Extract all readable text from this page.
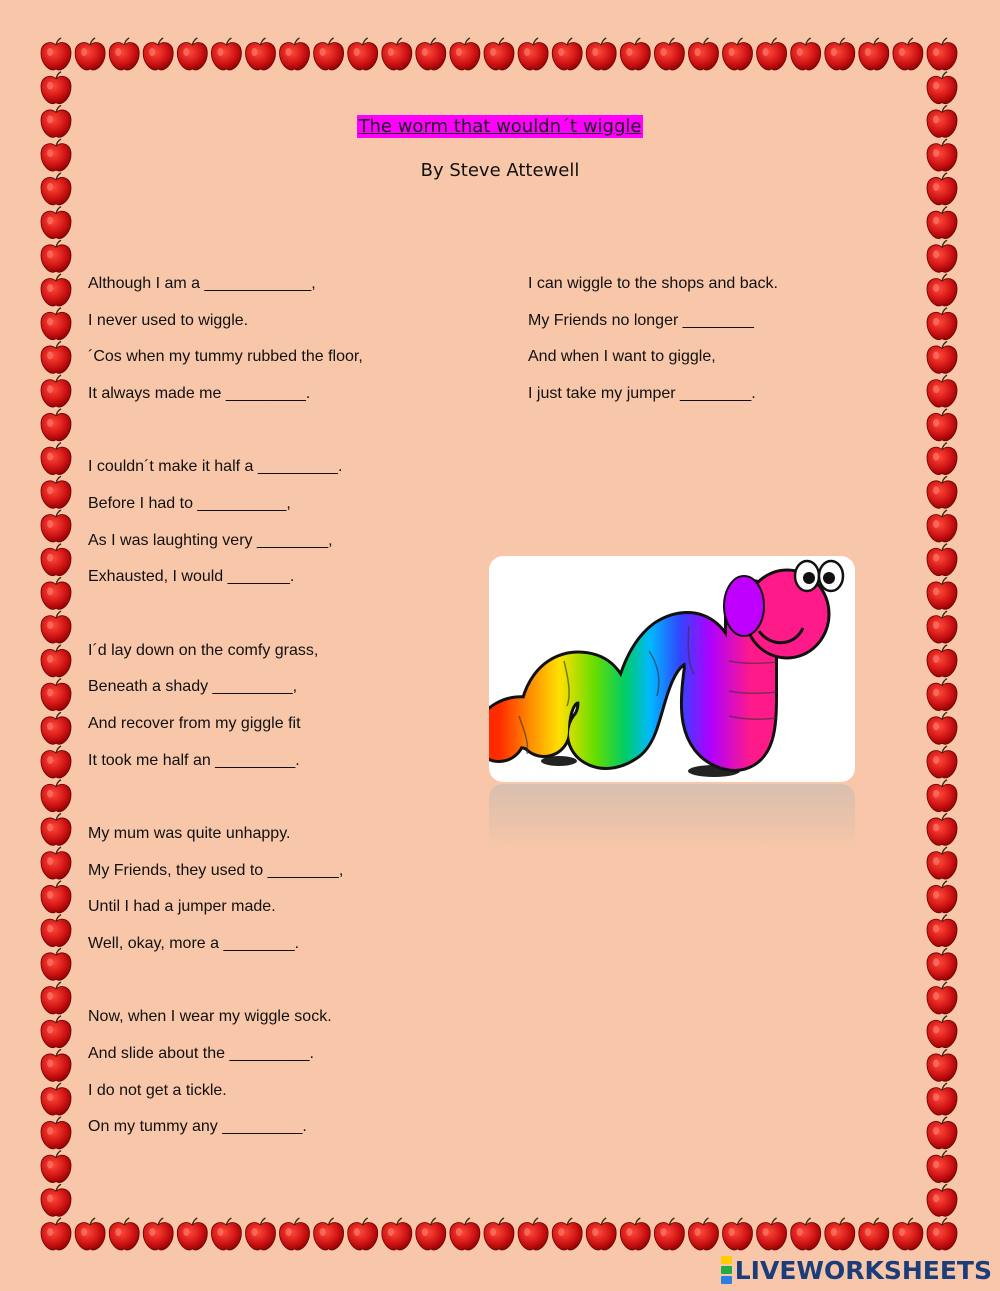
The worm that wouldn´t wiggle
By Steve Attewell
Although I am a ____________,
I never used to wiggle.
´Cos when my tummy rubbed the floor,
It always made me _________.
I couldn´t make it half a _________.
Before I had to __________,
As I was laughting very ________,
Exhausted, I would _______.
I´d lay down on the comfy grass,
Beneath a shady _________,
And recover from my giggle fit
It took me half an _________.
My mum was quite unhappy.
My Friends, they used to ________,
Until I had a jumper made.
Well, okay, more a ________.
Now, when I wear my wiggle sock.
And slide about the _________.
I do not get a tickle.
On my tummy any _________.
I can wiggle to the shops and back.
My Friends no longer ________
And when I want to giggle,
I just take my jumper ________.
LIVEWORKSHEETS
